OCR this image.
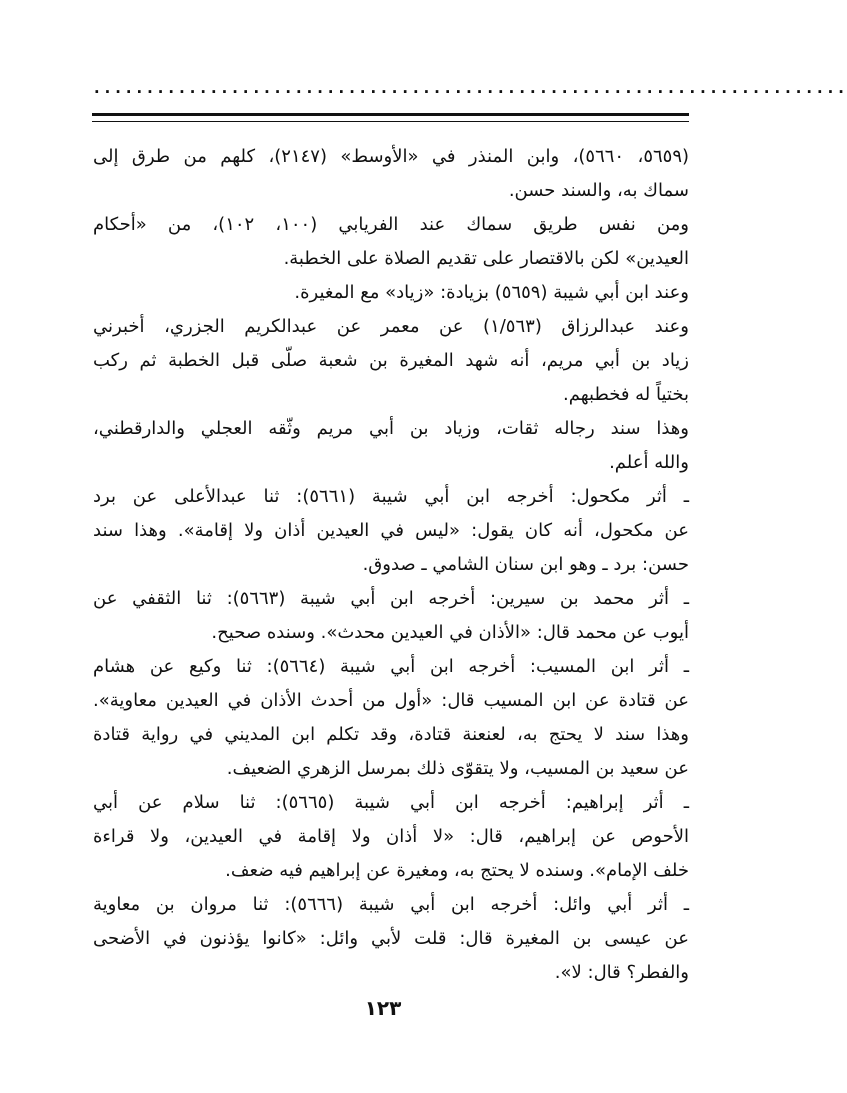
.......................................................................
(٥٦٥٩، ٥٦٦٠)، وابن المنذر في «الأوسط» (٢١٤٧)، كلهم من طرق إلى
سماك به، والسند حسن.
ومن نفس طريق سماك عند الفريابي (١٠٠، ١٠٢)، من «أحكام
العيدين» لكن بالاقتصار على تقديم الصلاة على الخطبة.
وعند ابن أبي شيبة (٥٦٥٩) بزيادة: «زياد» مع المغيرة.
وعند عبدالرزاق (١/٥٦٣) عن معمر عن عبدالكريم الجزري، أخبرني
زياد بن أبي مريم، أنه شهد المغيرة بن شعبة صلّى قبل الخطبة ثم ركب
بختياً له فخطبهم.
وهذا سند رجاله ثقات، وزياد بن أبي مريم وثّقه العجلي والدارقطني،
والله أعلم.
ـ أثر مكحول: أخرجه ابن أبي شيبة (٥٦٦١): ثنا عبدالأعلى عن برد
عن مكحول، أنه كان يقول: «ليس في العيدين أذان ولا إقامة». وهذا سند
حسن: برد ـ وهو ابن سنان الشامي ـ صدوق.
ـ أثر محمد بن سيرين: أخرجه ابن أبي شيبة (٥٦٦٣): ثنا الثقفي عن
أيوب عن محمد قال: «الأذان في العيدين محدث». وسنده صحيح.
ـ أثر ابن المسيب: أخرجه ابن أبي شيبة (٥٦٦٤): ثنا وكيع عن هشام
عن قتادة عن ابن المسيب قال: «أول من أحدث الأذان في العيدين معاوية».
وهذا سند لا يحتج به، لعنعنة قتادة، وقد تكلم ابن المديني في رواية قتادة
عن سعيد بن المسيب، ولا يتقوّى ذلك بمرسل الزهري الضعيف.
ـ أثر إبراهيم: أخرجه ابن أبي شيبة (٥٦٦٥): ثنا سلام عن أبي
الأحوص عن إبراهيم، قال: «لا أذان ولا إقامة في العيدين، ولا قراءة
خلف الإمام». وسنده لا يحتج به، ومغيرة عن إبراهيم فيه ضعف.
ـ أثر أبي وائل: أخرجه ابن أبي شيبة (٥٦٦٦): ثنا مروان بن معاوية
عن عيسى بن المغيرة قال: قلت لأبي وائل: «كانوا يؤذنون في الأضحى
والفطر؟ قال: لا».
١٢٣
